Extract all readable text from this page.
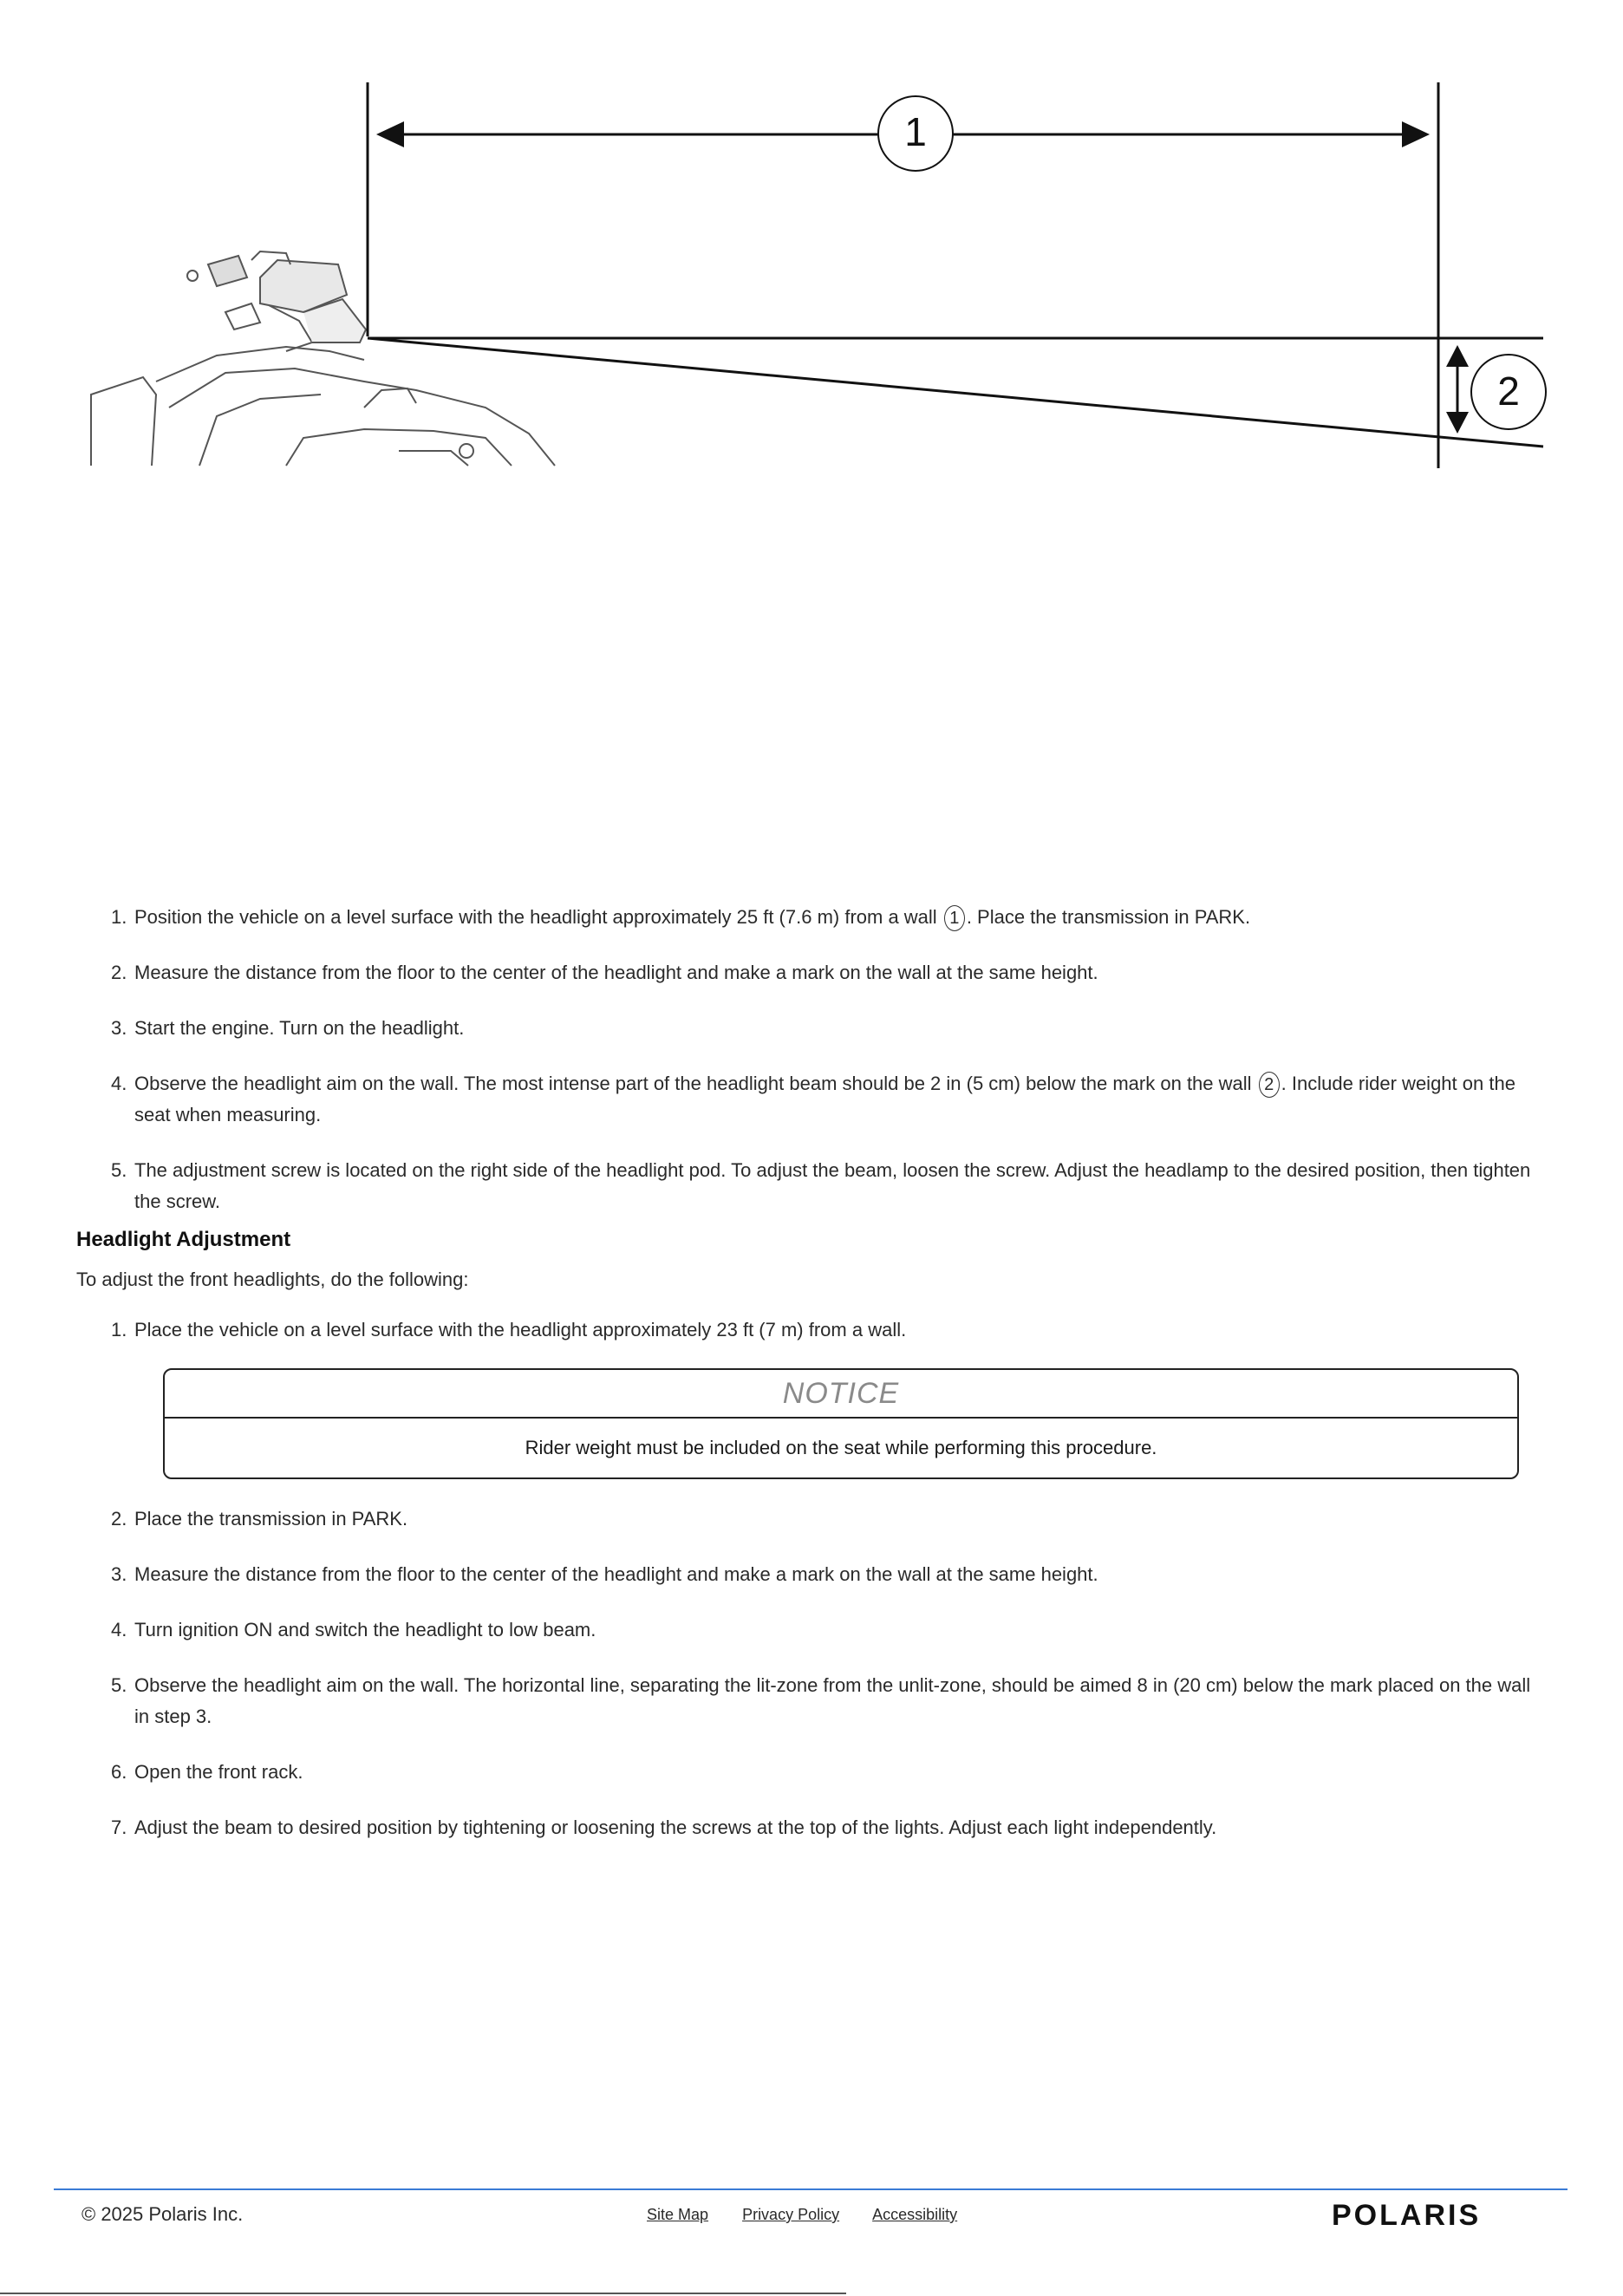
1
2
1. Position the vehicle on a level surface with the headlight approximately 25 ft (7.6 m) from a wall 1 . Place the transmission in PARK.
2. Measure the distance from the floor to the center of the headlight and make a mark on the wall at the same height.
3. Start the engine. Turn on the headlight.
4. Observe the headlight aim on the wall. The most intense part of the headlight beam should be 2 in (5 cm) below the mark on the wall 2 . Include rider weight on the seat when measuring.
5. The adjustment screw is located on the right side of the headlight pod. To adjust the beam, loosen the screw. Adjust the headlamp to the desired position, then tighten the screw.
Headlight Adjustment

To adjust the front headlights, do the following:

1. Place the vehicle on a level surface with the headlight approximately 23 ft (7 m) from a wall.
NOTICE
Rider weight must be included on the seat while performing this procedure.
2. Place the transmission in PARK.
3. Measure the distance from the floor to the center of the headlight and make a mark on the wall at the same height.
4. Turn ignition ON and switch the headlight to low beam.
5. Observe the headlight aim on the wall. The horizontal line, separating the lit-zone from the unlit-zone, should be aimed 8 in (20 cm) below the mark placed on the wall in step 3.
6. Open the front rack.
7. Adjust the beam to desired position by tightening or loosening the screws at the top of the lights. Adjust each light independently.
© 2025 Polaris Inc.	Site Map Privacy Policy Accessibility	POLARIS
